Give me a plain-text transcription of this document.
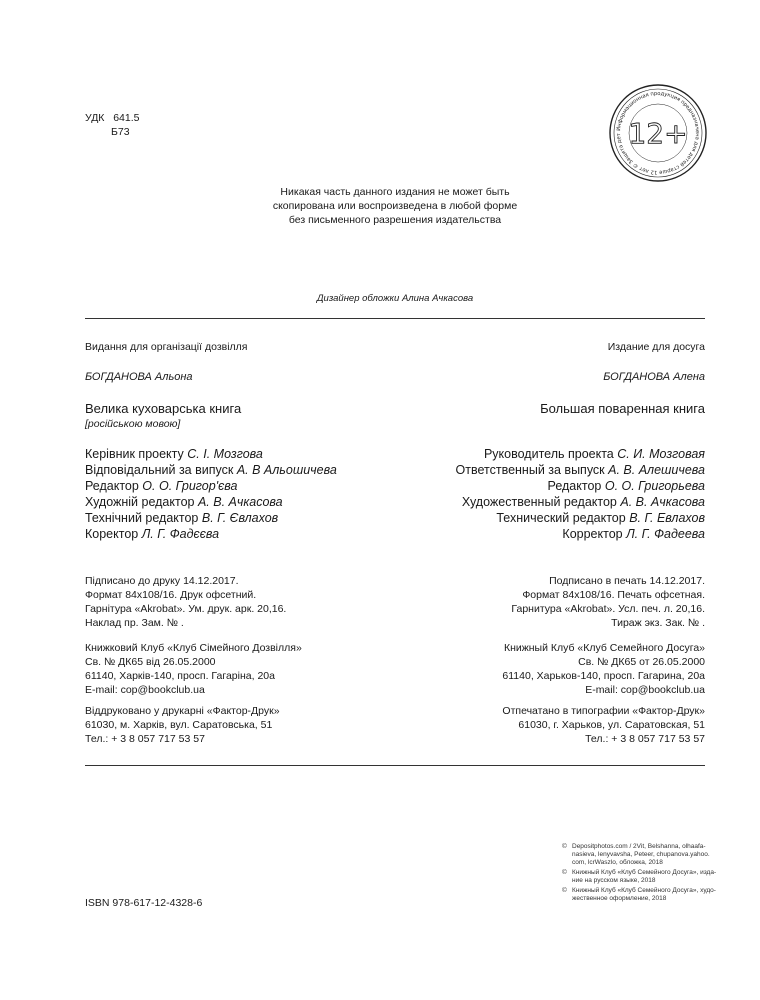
УДК 641.5
Б73	Информационная продукция предназначена для детей старше 12 лет © Защита дет 12+
Никакая часть данного издания не может быть
скопирована или воспроизведена в любой форме
без письменного разрешения издательства
Дизайнер обложки Алина Ачкасова
Видання для організації дозвілля
БОГДАНОВА Альона
Велика куховарська книга
[російською мовою]
Керівник проекту С. І. Мозгова
Відповідальний за випуск А. В Альошичева
Редактор О. О. Григор'єва
Художній редактор А. В. Ачкасова
Технічний редактор В. Г. Євлахов
Коректор Л. Г. Фадєєва
Підписано до друку 14.12.2017.
Формат 84х108/16. Друк офсетний.
Гарнітура «Akrobat». Ум. друк. арк. 20,16.
Наклад пр. Зам. № .
Книжковий Клуб «Клуб Сімейного Дозвілля»
Св. № ДК65 від 26.05.2000
61140, Харків-140, просп. Гагаріна, 20а
E-mail: cop@bookclub.ua
Віддруковано у друкарні «Фактор-Друк»
61030, м. Харків, вул. Саратовська, 51
Тел.: + 3 8 057 717 53 57
Издание для досуга
БОГДАНОВА Алена
Большая поваренная книга
Руководитель проекта С. И. Мозговая
Ответственный за выпуск А. В. Алешичева
Редактор О. О. Григорьева
Художественный редактор А. В. Ачкасова
Технический редактор В. Г. Евлахов
Корректор Л. Г. Фадеева
Подписано в печать 14.12.2017.
Формат 84х108/16. Печать офсетная.
Гарнитура «Akrobat». Усл. печ. л. 20,16.
Тираж экз. Зак. № .
Книжный Клуб «Клуб Семейного Досуга»
Св. № ДК65 от 26.05.2000
61140, Харьков-140, просп. Гагарина, 20а
E-mail: cop@bookclub.ua
Отпечатано в типографии «Фактор-Друк»
61030, г. Харьков, ул. Саратовская, 51
Тел.: + 3 8 057 717 53 57
© Depositphotos.com / 2Vit, Belshanna, olhaafa-
nasieva, lenyvavsha, Peteer, chupanova.yahoo.
com, lcrWaszlo, обложка, 2018
© Книжный Клуб «Клуб Семейного Досуга», изда-
ние на русском языке, 2018
© Книжный Клуб «Клуб Семейного Досуга», худо-
жественное оформление, 2018
ISBN 978-617-12-4328-6
